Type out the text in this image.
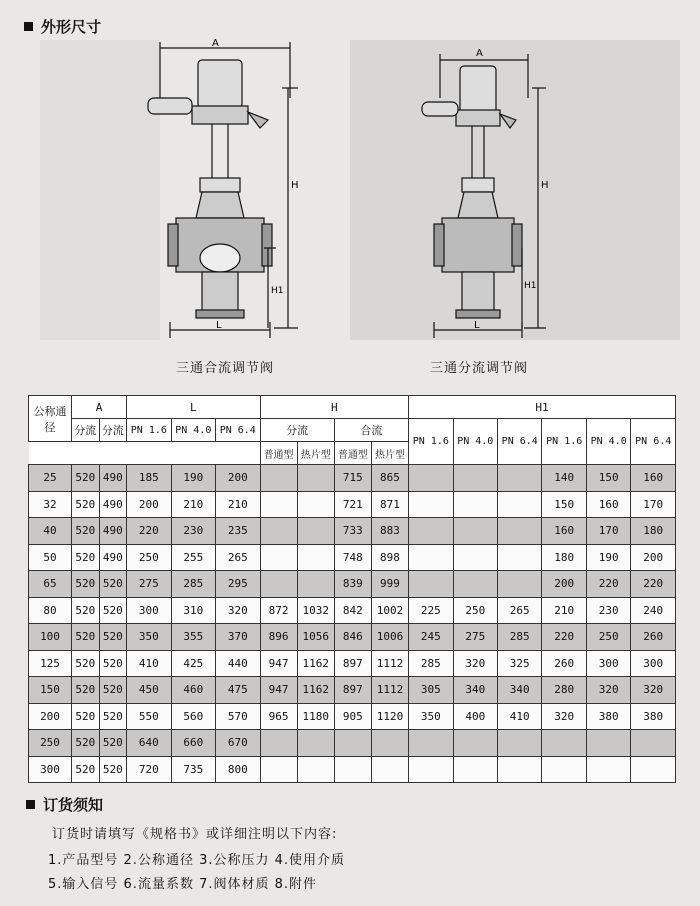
外形尺寸
A
H
H1
L
三通合流调节阀
A
H
H1
L
三通分流调节阀
公称通径	A		L			H				H1					
	分流	分流	PN 1.6	PN 4.0	PN 6.4	分流		合流		PN 1.6	PN 4.0	PN 6.4	PN 1.6	PN 4.0	PN 6.4
						普通型	热片型	普通型	热片型						
25	520	490	185	190	200			715	865				140	150	160
32	520	490	200	210	210			721	871				150	160	170
40	520	490	220	230	235			733	883				160	170	180
50	520	490	250	255	265			748	898				180	190	200
65	520	520	275	285	295			839	999				200	220	220
80	520	520	300	310	320	872	1032	842	1002	225	250	265	210	230	240
100	520	520	350	355	370	896	1056	846	1006	245	275	285	220	250	260
125	520	520	410	425	440	947	1162	897	1112	285	320	325	260	300	300
150	520	520	450	460	475	947	1162	897	1112	305	340	340	280	320	320
200	520	520	550	560	570	965	1180	905	1120	350	400	410	320	380	380
250	520	520	640	660	670										
300	520	520	720	735	800										
订货须知
订货时请填写《规格书》或详细注明以下内容:
1.产品型号 2.公称通径 3.公称压力 4.使用介质
5.输入信号 6.流量系数 7.阀体材质 8.附件
